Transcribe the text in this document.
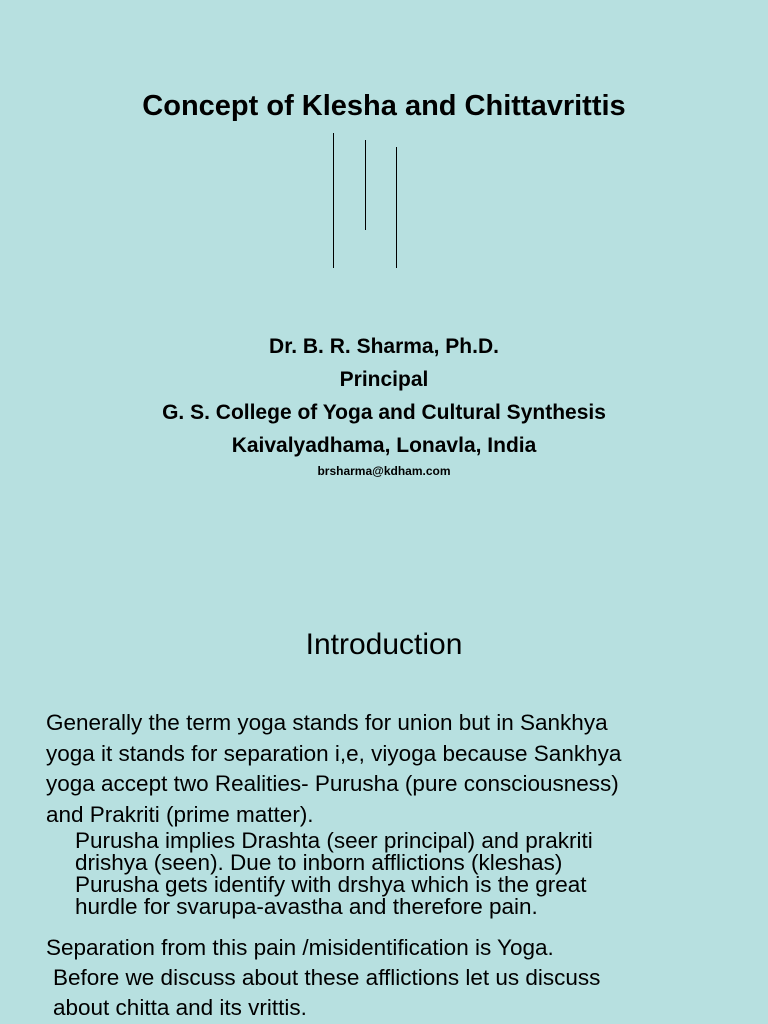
Concept of Klesha and Chittavrittis
Dr. B. R. Sharma, Ph.D.
Principal
G. S. College of Yoga and Cultural Synthesis
Kaivalyadhama, Lonavla, India
brsharma@kdham.com
Introduction
Generally the term yoga stands for union but in Sankhya
yoga it stands for separation i,e, viyoga because Sankhya
yoga accept two Realities- Purusha (pure consciousness)
and Prakriti (prime matter).
Purusha implies Drashta (seer principal) and prakriti
drishya (seen). Due to inborn afflictions (kleshas)
Purusha gets identify with drshya which is the great
hurdle for svarupa-avastha and therefore pain.
Separation from this pain /misidentification is Yoga.
Before we discuss about these afflictions let us discuss
about chitta and its vrittis.
